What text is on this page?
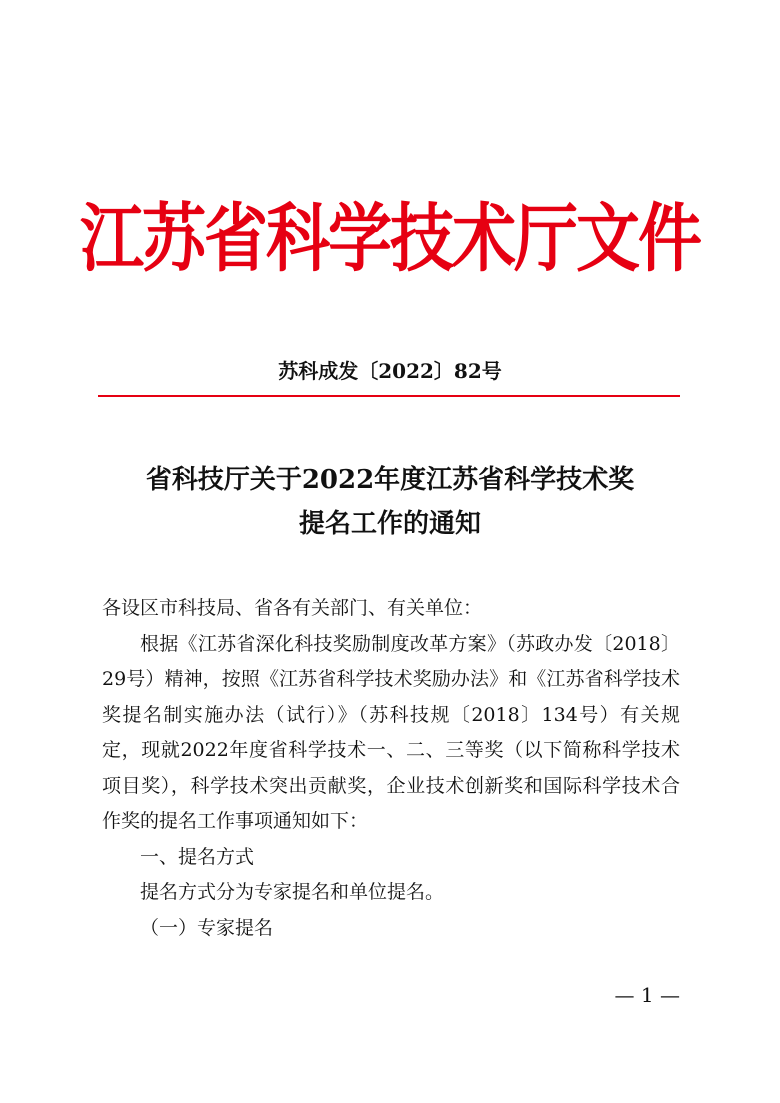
江苏省科学技术厅文件
苏科成发〔2022〕82号
省科技厅关于2022年度江苏省科学技术奖
提名工作的通知

各设区市科技局、省各有关部门、有关单位：

根据《江苏省深化科技奖励制度改革方案》（苏政办发〔2018〕29号）精神，按照《江苏省科学技术奖励办法》和《江苏省科学技术奖提名制实施办法（试行）》（苏科技规〔2018〕134号）有关规定，现就2022年度省科学技术一、二、三等奖（以下简称科学技术项目奖），科学技术突出贡献奖，企业技术创新奖和国际科学技术合作奖的提名工作事项通知如下：

一、提名方式

提名方式分为专家提名和单位提名。

（一）专家提名

— 1 —
